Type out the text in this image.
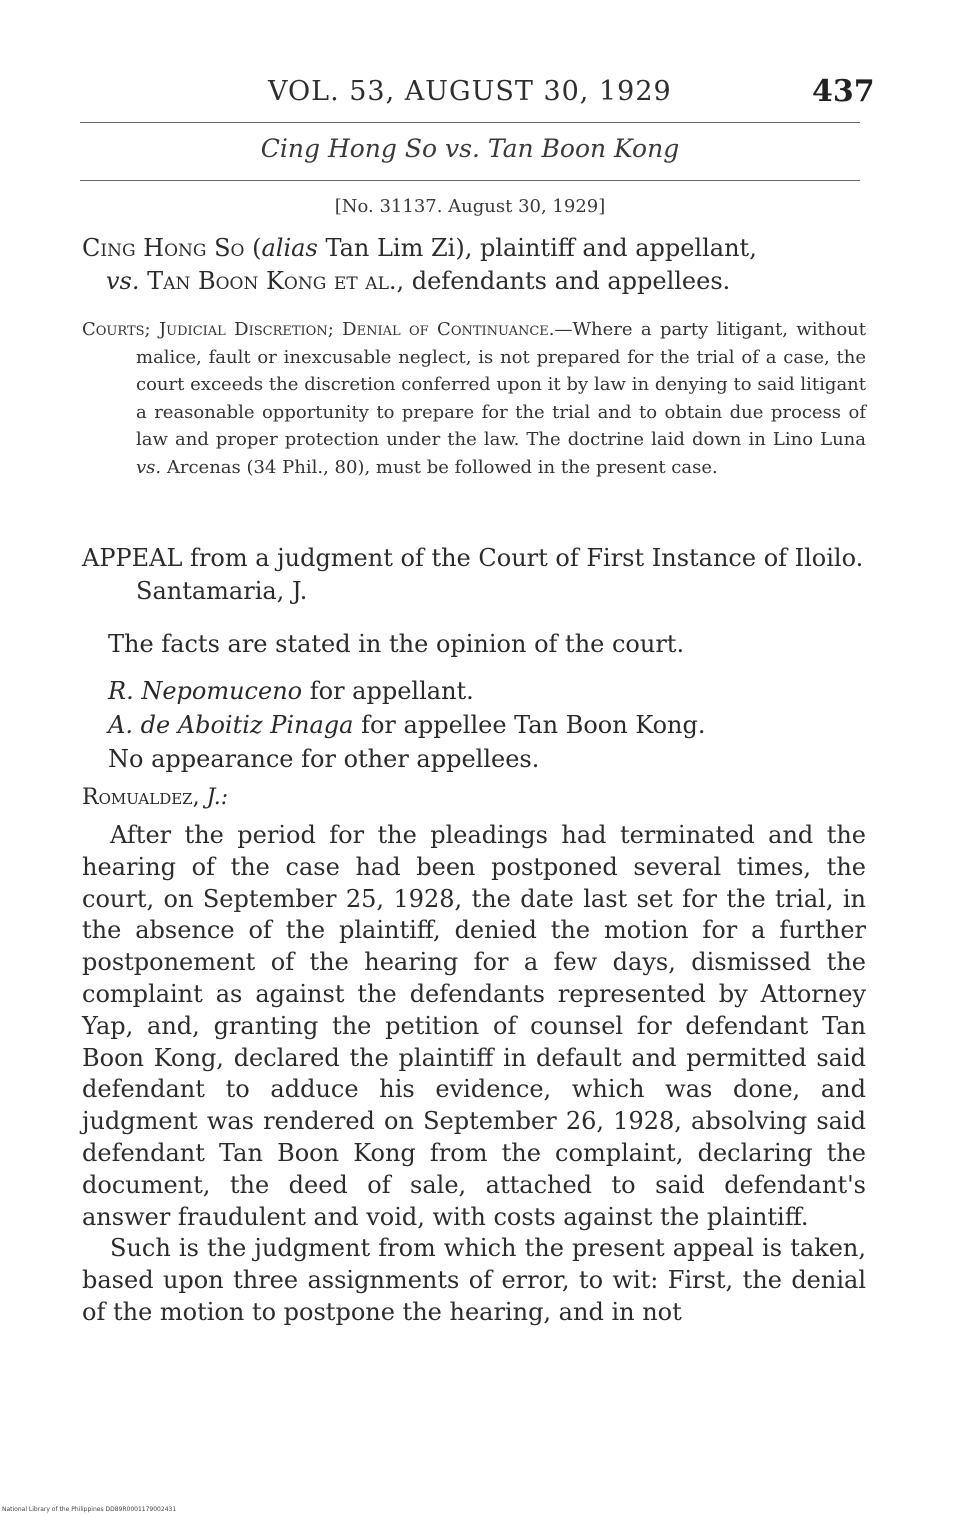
VOL. 53, AUGUST 30, 1929	437
Cing Hong So vs. Tan Boon Kong
[No. 31137. August 30, 1929]

Cing Hong So (alias Tan Lim Zi), plaintiff and appellant,

vs. Tan Boon Kong et al., defendants and appellees.

Courts; Judicial Discretion; Denial of Continuance.—Where a party litigant, without malice, fault or inexcusable neglect, is not prepared for the trial of a case, the court exceeds the discretion conferred upon it by law in denying to said litigant a reasonable opportunity to prepare for the trial and to obtain due process of law and proper protection under the law. The doctrine laid down in Lino Luna vs. Arcenas (34 Phil., 80), must be followed in the present case.

APPEAL from a judgment of the Court of First Instance of Iloilo. Santamaria, J.

The facts are stated in the opinion of the court.

R. Nepomuceno for appellant.

A. de Aboitiz Pinaga for appellee Tan Boon Kong.

No appearance for other appellees.

Romualdez, J.:

After the period for the pleadings had terminated and the hearing of the case had been postponed several times, the court, on September 25, 1928, the date last set for the trial, in the absence of the plaintiff, denied the motion for a further postponement of the hearing for a few days, dismissed the complaint as against the defendants represented by Attorney Yap, and, granting the petition of counsel for defendant Tan Boon Kong, declared the plaintiff in default and permitted said defendant to adduce his evidence, which was done, and judgment was rendered on September 26, 1928, absolving said defendant Tan Boon Kong from the complaint, declaring the document, the deed of sale, attached to said defendant's answer fraudulent and void, with costs against the plaintiff.

Such is the judgment from which the present appeal is taken, based upon three assignments of error, to wit: First, the denial of the motion to postpone the hearing, and in not

National Library of the Philippines DD89R0001179002431
